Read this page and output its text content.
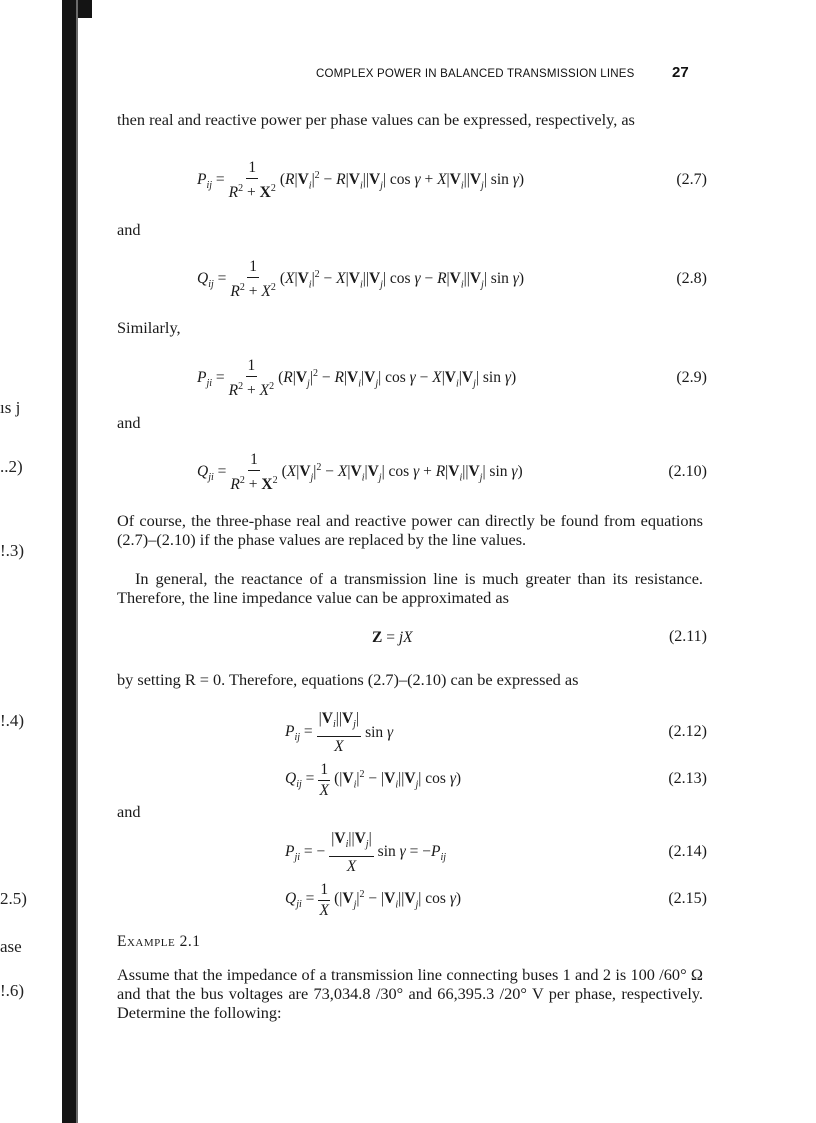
ıs j
..2)
!.3)
!.4)
2.5)
ase
!.6)
COMPLEX POWER IN BALANCED TRANSMISSION LINES 27
then real and reactive power per phase values can be expressed, respectively, as
$P_{ij} = \frac{1}{R^2 + X^2} (R|V_i|^2 - R|V_i||V_j|$ $\cos \gamma + X|V_i||V_j|$ sin γ)	(2.7)
and
$Q_{ij} = \frac{1}{R^2 + X^2} (X|V_i|^2 - X|V_i||V_j|$ $\cos \gamma - R|V_i||V_j|$ sin γ)	(2.8)
Similarly,
$P_{ji} = \frac{1}{R^2 + X^2} (R|V_j|^2 - R|V_i|V_j|$ $\cos \gamma - X|V_i|V_j|$ sin γ)	(2.9)
and
$Q_{ji} = \frac{1}{R^2 + X^2} (X|V_j|^2 - X|V_i|V_j|$ $\cos \gamma + R|V_i||V_j|$ sin γ)	(2.10)
Of course, the three-phase real and reactive power can directly be found from equations (2.7)–(2.10) if the phase values are replaced by the line values.
In general, the reactance of a transmission line is much greater than its resistance. Therefore, the line impedance value can be approximated as
Z = jX	(2.11)
by setting R = 0. Therefore, equations (2.7)–(2.10) can be expressed as
$P_{ij} = \frac{|V_i||V_j|}{X}$ sin γ	(2.12)
$Q_{ij} = \frac{1}{X} (|V_i|^2 - |V_i||V_j|$ cos γ)	(2.13)
and
$P_{ji}$ = − $\frac{|V_i||V_j|}{X}$ $\sin \gamma = -P_{ij}$	(2.14)
$Q_{ji} = \frac{1}{X} (|V_j|^2 - |V_i||V_j|$ cos γ)	(2.15)
Example 2.1
Assume that the impedance of a transmission line connecting buses 1 and 2 is 100 /60° Ω and that the bus voltages are 73,034.8 /30° and 66,395.3 /20° V per phase, respectively. Determine the following:
